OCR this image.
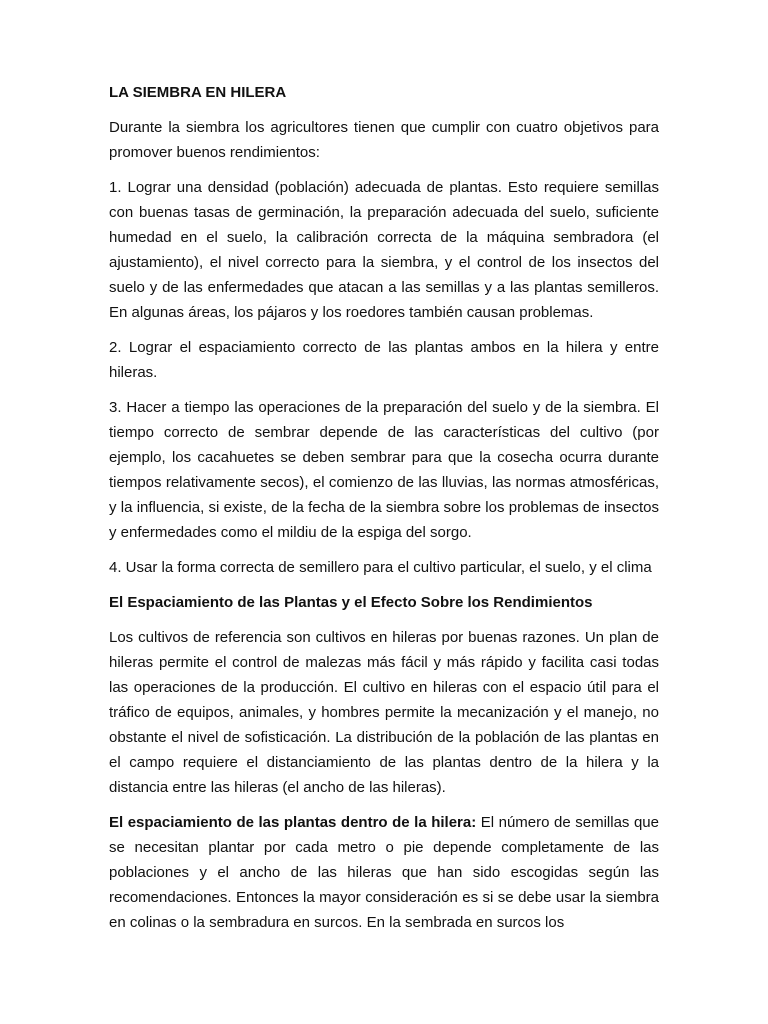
LA SIEMBRA EN HILERA
Durante la siembra los agricultores tienen que cumplir con cuatro objetivos para promover buenos rendimientos:
1. Lograr una densidad (población) adecuada de plantas. Esto requiere semillas con buenas tasas de germinación, la preparación adecuada del suelo, suficiente humedad en el suelo, la calibración correcta de la máquina sembradora (el ajustamiento), el nivel correcto para la siembra, y el control de los insectos del suelo y de las enfermedades que atacan a las semillas y a las plantas semilleros. En algunas áreas, los pájaros y los roedores también causan problemas.
2. Lograr el espaciamiento correcto de las plantas ambos en la hilera y entre hileras.
3. Hacer a tiempo las operaciones de la preparación del suelo y de la siembra. El tiempo correcto de sembrar depende de las características del cultivo (por ejemplo, los cacahuetes se deben sembrar para que la cosecha ocurra durante tiempos relativamente secos), el comienzo de las lluvias, las normas atmosféricas, y la influencia, si existe, de la fecha de la siembra sobre los problemas de insectos y enfermedades como el mildiu de la espiga del sorgo.
4. Usar la forma correcta de semillero para el cultivo particular, el suelo, y el clima
El Espaciamiento de las Plantas y el Efecto Sobre los Rendimientos
Los cultivos de referencia son cultivos en hileras por buenas razones. Un plan de hileras permite el control de malezas más fácil y más rápido y facilita casi todas las operaciones de la producción. El cultivo en hileras con el espacio útil para el tráfico de equipos, animales, y hombres permite la mecanización y el manejo, no obstante el nivel de sofisticación. La distribución de la población de las plantas en el campo requiere el distanciamiento de las plantas dentro de la hilera y la distancia entre las hileras (el ancho de las hileras).
El espaciamiento de las plantas dentro de la hilera: El número de semillas que se necesitan plantar por cada metro o pie depende completamente de las poblaciones y el ancho de las hileras que han sido escogidas según las recomendaciones. Entonces la mayor consideración es si se debe usar la siembra en colinas o la sembradura en surcos. En la sembrada en surcos los
